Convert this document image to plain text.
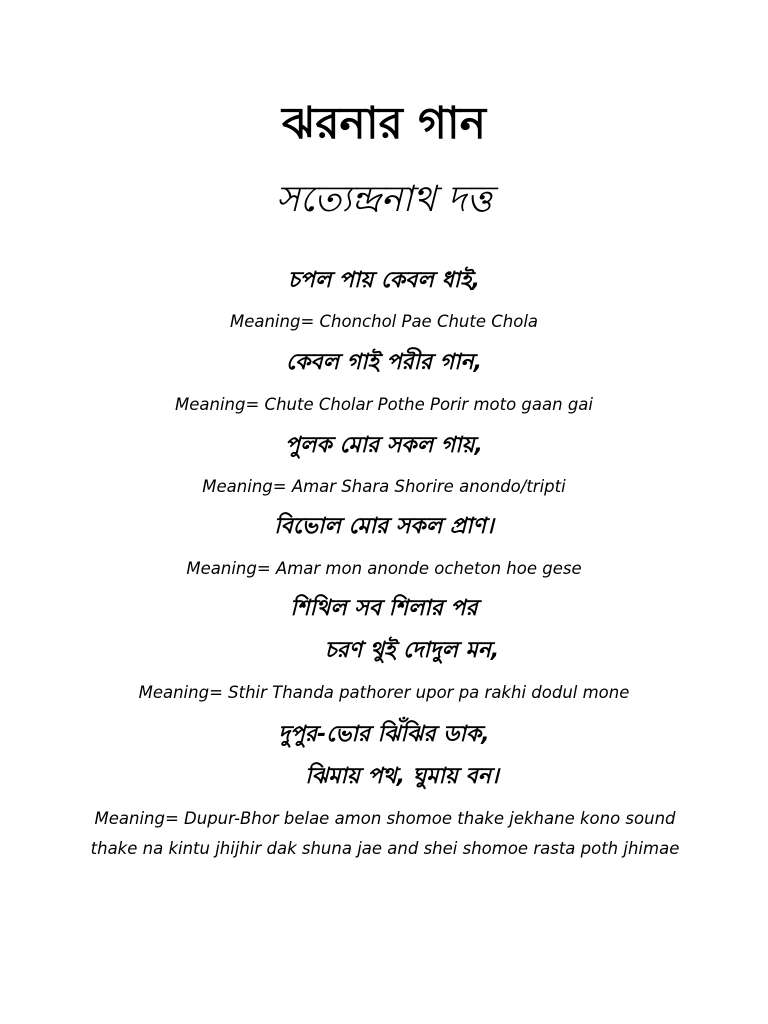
ঝরনার গান
সত্যেন্দ্রনাথ দত্ত
চপল পায় কেবল ধাই,
Meaning= Chonchol Pae Chute Chola
কেবল গাই পরীর গান,
Meaning= Chute Cholar Pothe Porir moto gaan gai
পুলক মোর সকল গায়,
Meaning= Amar Shara Shorire anondo/tripti
বিভোল মোর সকল প্রাণ।
Meaning= Amar mon anonde ocheton hoe gese
শিথিল সব শিলার পর
চরণ থুই দোদুল মন,
Meaning= Sthir Thanda pathorer upor pa rakhi dodul mone
দুপুর-ভোর ঝিঁঝির ডাক,
ঝিমায় পথ, ঘুমায় বন।
Meaning= Dupur-Bhor belae amon shomoe thake jekhane kono sound thake na kintu jhijhir dak shuna jae and shei shomoe rasta poth jhimae
